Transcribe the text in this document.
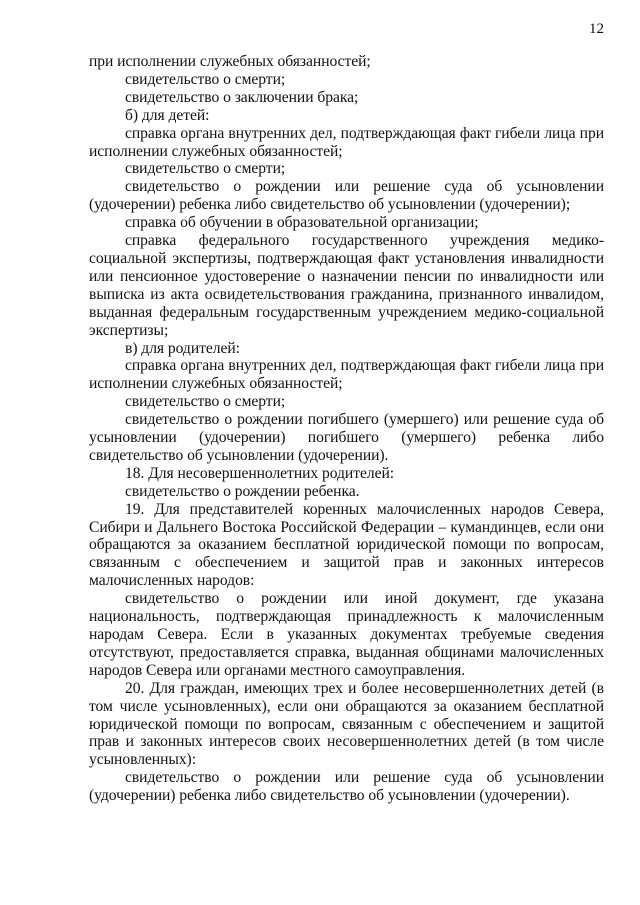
12

при исполнении служебных обязанностей;

свидетельство о смерти;

свидетельство о заключении брака;

б) для детей:

справка органа внутренних дел, подтверждающая факт гибели лица при исполнении служебных обязанностей;

свидетельство о смерти;

свидетельство о рождении или решение суда об усыновлении (удочерении) ребенка либо свидетельство об усыновлении (удочерении);

справка об обучении в образовательной организации;

справка федерального государственного учреждения медико-социальной экспертизы, подтверждающая факт установления инвалидности или пенсионное удостоверение о назначении пенсии по инвалидности или выписка из акта освидетельствования гражданина, признанного инвалидом, выданная федеральным государственным учреждением медико-социальной экспертизы;

в) для родителей:

справка органа внутренних дел, подтверждающая факт гибели лица при исполнении служебных обязанностей;

свидетельство о смерти;

свидетельство о рождении погибшего (умершего) или решение суда об усыновлении (удочерении) погибшего (умершего) ребенка либо свидетельство об усыновлении (удочерении).

18. Для несовершеннолетних родителей:

свидетельство о рождении ребенка.

19. Для представителей коренных малочисленных народов Севера, Сибири и Дальнего Востока Российской Федерации – кумандинцев, если они обращаются за оказанием бесплатной юридической помощи по вопросам, связанным с обеспечением и защитой прав и законных интересов малочисленных народов:

свидетельство о рождении или иной документ, где указана национальность, подтверждающая принадлежность к малочисленным народам Севера. Если в указанных документах требуемые сведения отсутствуют, предоставляется справка, выданная общинами малочисленных народов Севера или органами местного самоуправления.

20. Для граждан, имеющих трех и более несовершеннолетних детей (в том числе усыновленных), если они обращаются за оказанием бесплатной юридической помощи по вопросам, связанным с обеспечением и защитой прав и законных интересов своих несовершеннолетних детей (в том числе усыновленных):

свидетельство о рождении или решение суда об усыновлении (удочерении) ребенка либо свидетельство об усыновлении (удочерении).
